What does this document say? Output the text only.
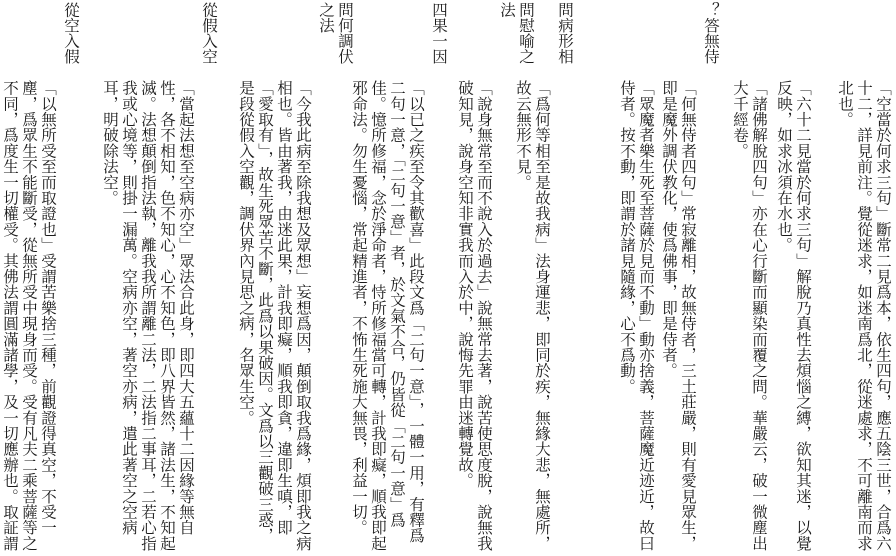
「空當於何求三句」斷常二見爲本，依生四句，應五陰三世，合爲六十二，詳見前注。覺從迷求，如迷南爲北，從迷處求，不可離南而求北也。
「六十二見當於何求三句」解脫乃真性去煩惱之縛，欲知其迷，以覺反映，如求冰須在水也。
「諸佛解脫四句」亦在心行斷而顯染而覆之問。華嚴云，破一微塵出大千經卷。
？答無侍
「何無侍者四句」常寂離相，故無侍者，三土莊嚴，則有愛見眾生，即是魔外調伏教化，使爲佛事，即是侍者。
「眾魔者樂生死至菩薩於見而不動」動亦捨義，菩薩魔近迹近，故曰侍者。按不動，即謂於諸見隨緣，心不爲動。
問病形相
「爲何等相至是故我病」法身運悲，即同於疾，無緣大悲，無處所，故云無形不見。
問慰喻之法
「說身無常至而不說入於過去」說無常去著，說苦使思度脫，說無我破知見，說身空知非實我而入於中，說悔先罪由迷轉覺故。
四果一因
「以已之疾至令其歡喜」此段文爲「二句一意」，一體一用，有釋爲二句一意，「二句一意」者，於文氣不合，仍皆從「二句一意」爲佳。憶所修福，念於淨命者，恃所修福當可轉，計我即癡，順我即起邪命法。勿生憂惱，常起精進者，不怖生死施大無畏，利益一切。
問何調伏之法
「今我此病至除我想及眾想」妄想爲因，顛倒取我爲緣，煩即我之病相也。皆由著我，由迷此果，計我即癡，順我即貪，違即生嗔，即「愛取有」，故生死眾苦不斷，此爲以果破因。文爲以三觀破三惑，是段從假入空觀，調伏界內見思之病，名眾生空。
從假入空
「當起法想至空病亦空」眾法合此身，即四大五蘊十二因緣等無自性，各不相知，色不知心，心不知色，即八界皆然，諸法生，不知起滅。法想顛倒指法執，離我我所謂離二法，二法指二事耳，二若心指我或心境等，則掛一漏萬。空病亦空，著空亦病，遣此著空之空病耳，明破除法空。
從空入假
「以無所受至而取證也」受謂苦樂捨三種，前觀證得真空，不受一塵，爲眾生不能斷受，從無所受中現身而受。受有凡夫二乘菩薩等之不同，爲度生一切權受。其佛法謂圓滿諸學，及一切應辦也。取証謂
